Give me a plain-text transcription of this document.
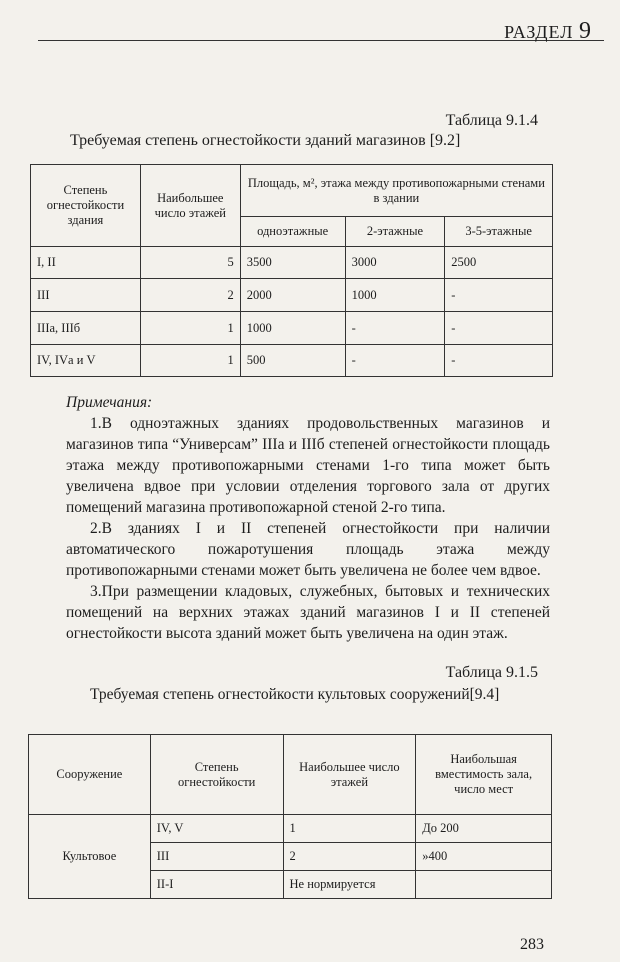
РАЗДЕЛ 9
Таблица 9.1.4
Требуемая степень огнестойкости зданий магазинов [9.2]
Степень огнестойкости здания	Наибольшее число этажей	Площадь, м², этажа между противопожарными стенами в здании		
		одноэтажные	2-этажные	3-5-этажные
I, II	5	3500	3000	2500
III	2	2000	1000	-
IIIа, IIIб	1	1000	-	-
IV, IVа и V	1	500	-	-

Примечания:

1.В одноэтажных зданиях продовольственных магазинов и магазинов типа “Универсам” IIIа и IIIб степеней огнестойкости площадь этажа между противопожарными стенами 1-го типа может быть увеличена вдвое при условии отделения торгового зала от других помещений магазина противопожарной стеной 2-го типа.

2.В зданиях I и II степеней огнестойкости при наличии автоматического пожаротушения площадь этажа между противопожарными стенами может быть увеличена не более чем вдвое.

3.При размещении кладовых, служебных, бытовых и технических помещений на верхних этажах зданий магазинов I и II степеней огнестойкости высота зданий может быть увеличена на один этаж.

Таблица 9.1.5
Требуемая степень огнестойкости культовых сооружений[9.4]
Сооружение	Степень огнестойкости	Наибольшее число этажей	Наибольшая вместимость зала, число мест
Культовое	IV, V	1	До 200
	III	2	»400
	II-I	Не нормируется	
283
